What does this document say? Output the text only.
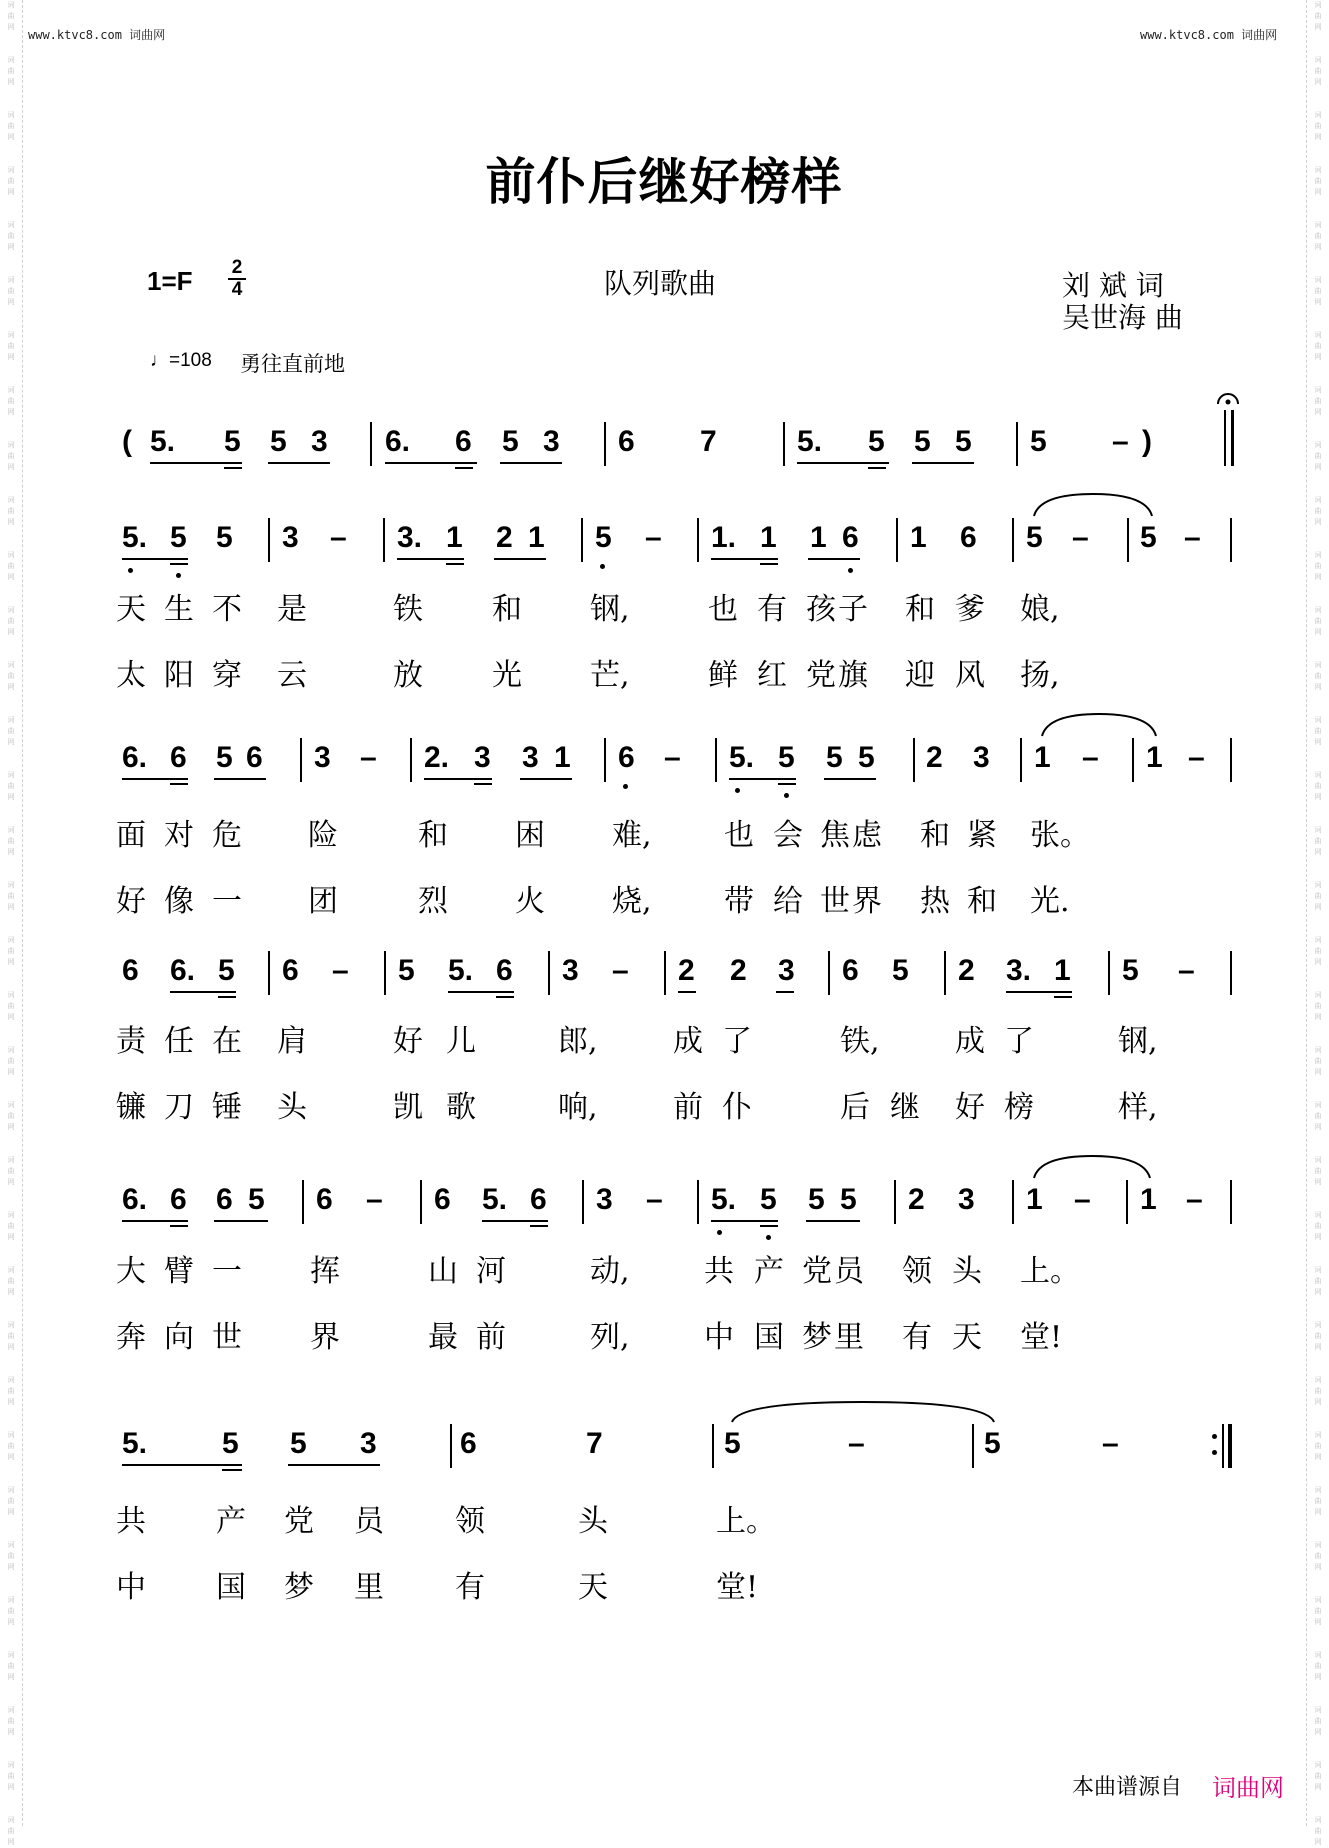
词
曲
网

词
曲
网

词
曲
网

词
曲
网

词
曲
网

词
曲
网

词
曲
网

词
曲
网

词
曲
网

词
曲
网

词
曲
网

词
曲
网

词
曲
网

词
曲
网

词
曲
网

词
曲
网

词
曲
网

词
曲
网

词
曲
网

词
曲
网

词
曲
网

词
曲
网

词
曲
网

词
曲
网

词
曲
网

词
曲
网

词
曲
网

词
曲
网

词
曲
网

词
曲
网

词
曲
网

词
曲
网

词
曲
网

词
曲
网
词
曲
网

词
曲
网

词
曲
网

词
曲
网

词
曲
网

词
曲
网

词
曲
网

词
曲
网

词
曲
网

词
曲
网

词
曲
网

词
曲
网

词
曲
网

词
曲
网

词
曲
网

词
曲
网

词
曲
网

词
曲
网

词
曲
网

词
曲
网

词
曲
网

词
曲
网

词
曲
网

词
曲
网

词
曲
网

词
曲
网

词
曲
网

词
曲
网

词
曲
网

词
曲
网

词
曲
网

词
曲
网

词
曲
网

词
曲
网
www.ktvc8.com 词曲网	www.ktvc8.com 词曲网
前仆后继好榜样
$1=F \frac{2}{4}$	队列歌曲	刘 斌 词
吴世海 曲
♩=108 勇往直前地
( 5. 5 5 3 6. 6 5 3 6 7	5. 5 5 5 5 – )
5. 5 5 3 – 3. 1 2 1 5 – 1. 1 1 6 1 6 5 – 5 –
天 生 不 是	铁 和 钢,	也 有 孩 子 和 爹 娘,
太 阳 穿 云	放 光 芒,	鲜 红 党 旗 迎 风 扬,
6. 6 5 6 3 – 2. 3 3 1 6 – 5. 5 5 5 2 3 1 – 1 –
面 对 危 险	和 困 难, 也 会 焦 虑 和 紧 张。
好 像 一 团	烈 火 烧, 带 给 世 界 热 和 光.
6 6. 5 6 – 5 5. 6 3 – 2 2 3 6 5 2 3. 1 5 –
责 任 在 肩	好 儿	郎,	成 了	铁,	成 了	钢,
镰 刀 锤 头	凯 歌	响,	前 仆	后 继 好 榜	样,
6. 6 6 5 6 – 6 5. 6 3 – 5. 5 5 5 2 3 1 – 1 –
大 臂 一 挥	山 河	动, 共 产 党 员 领 头 上。
奔 向 世 界	最 前	列, 中 国 梦 里 有 天 堂!
5. 5 5 3	6	7	5	–	5	–
共 产 党 员 领	头	上。
中 国 梦 里 有	天	堂!
本曲谱源自 词曲网
